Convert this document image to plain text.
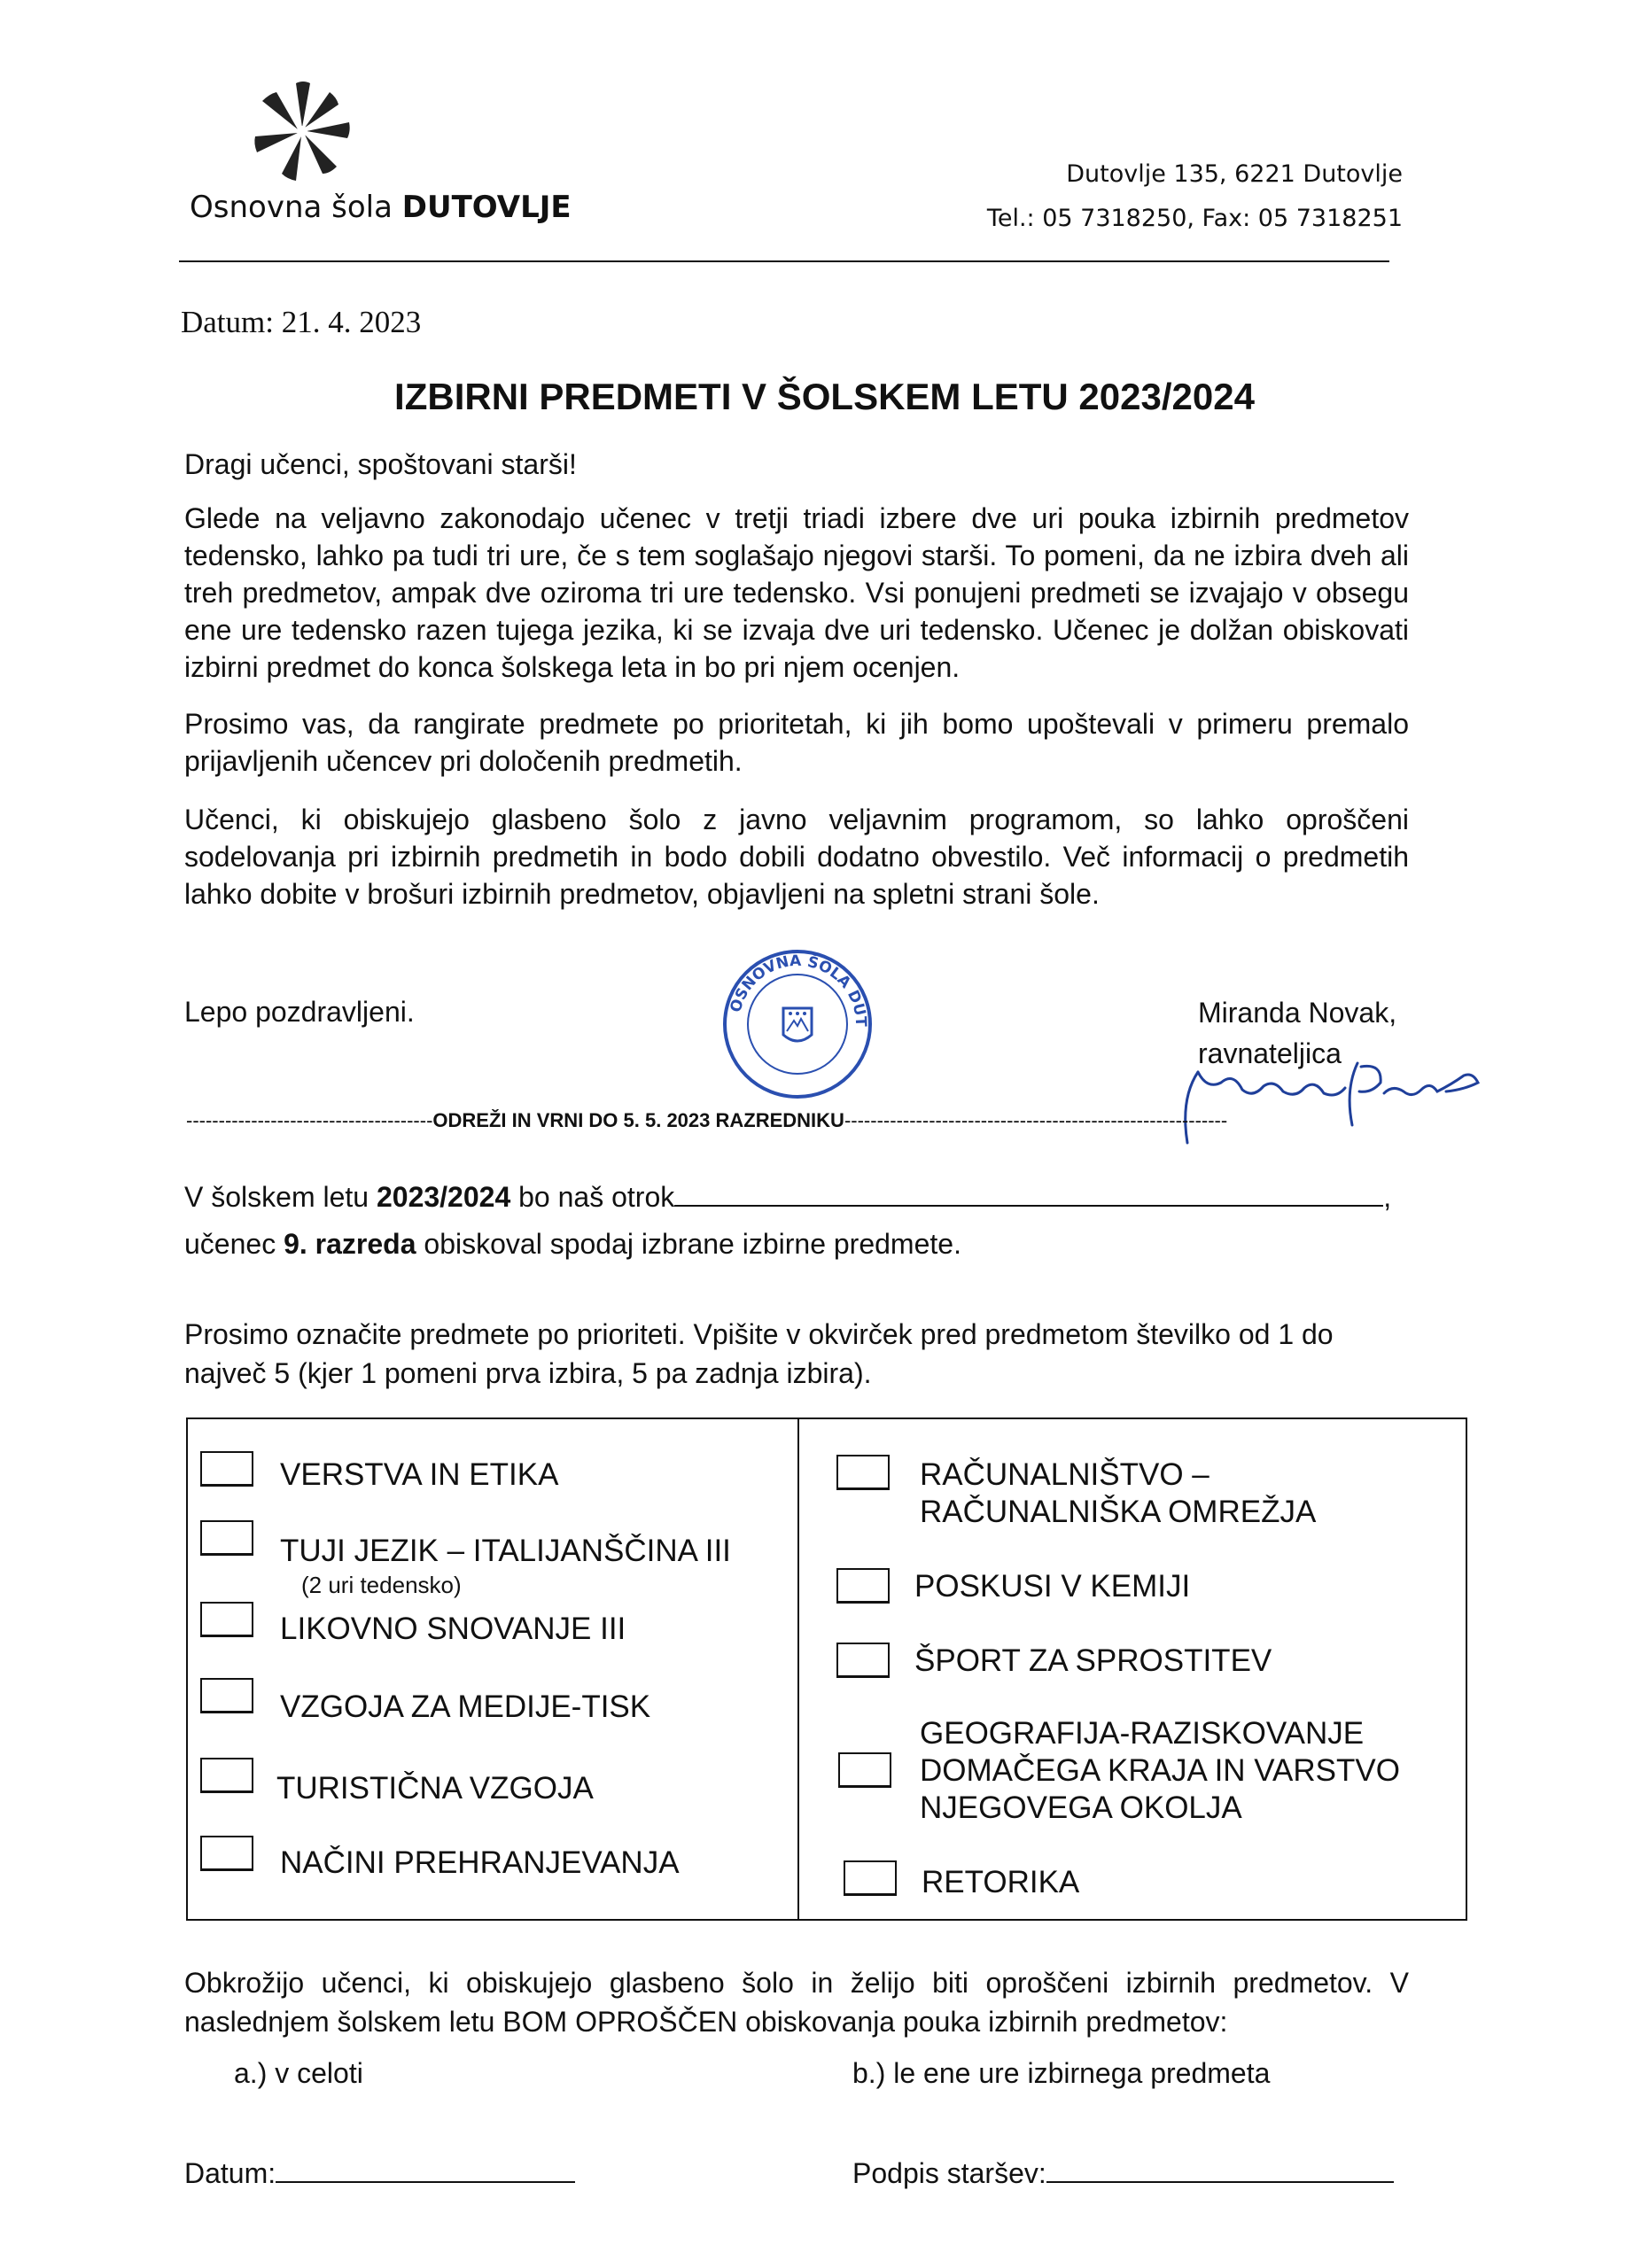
Osnovna šola DUTOVLJE
Dutovlje 135, 6221 Dutovlje
Tel.: 05 7318250, Fax: 05 7318251
Datum: 21. 4. 2023
IZBIRNI PREDMETI V ŠOLSKEM LETU 2023/2024
Dragi učenci, spoštovani starši!
Glede na veljavno zakonodajo učenec v tretji triadi izbere dve uri pouka izbirnih predmetov tedensko, lahko pa tudi tri ure, če s tem soglašajo njegovi starši. To pomeni, da ne izbira dveh ali treh predmetov, ampak dve oziroma tri ure tedensko. Vsi ponujeni predmeti se izvajajo v obsegu ene ure tedensko razen tujega jezika, ki se izvaja dve uri tedensko. Učenec je dolžan obiskovati izbirni predmet do konca šolskega leta in bo pri njem ocenjen.
Prosimo vas, da rangirate predmete po prioritetah, ki jih bomo upoštevali v primeru premalo prijavljenih učencev pri določenih predmetih.
Učenci, ki obiskujejo glasbeno šolo z javno veljavnim programom, so lahko oproščeni sodelovanja pri izbirnih predmetih in bodo dobili dodatno obvestilo. Več informacij o predmetih lahko dobite v brošuri izbirnih predmetov, objavljeni na spletni strani šole.
Lepo pozdravljeni.	OSNOVNA ŠOLA DUT	Miranda Novak,
ravnateljica
--------------------------------------ODREŽI IN VRNI DO 5. 5. 2023 RAZREDNIKU-----------------------------------------------------------
V šolskem letu 2023/2024 bo naš otrok	,
učenec 9. razreda obiskoval spodaj izbrane izbirne predmete.
Prosimo označite predmete po prioriteti. Vpišite v okvirček pred predmetom številko od 1 do največ 5 (kjer 1 pomeni prva izbira, 5 pa zadnja izbira).
VERSTVA IN ETIKA
TUJI JEZIK – ITALIJANŠČINA III
(2 uri tedensko)
LIKOVNO SNOVANJE III
VZGOJA ZA MEDIJE-TISK
TURISTIČNA VZGOJA
NAČINI PREHRANJEVANJA
RAČUNALNIŠTVO –
RAČUNALNIŠKA OMREŽJA
POSKUSI V KEMIJI
ŠPORT ZA SPROSTITEV
GEOGRAFIJA-RAZISKOVANJE
DOMAČEGA KRAJA IN VARSTVO
NJEGOVEGA OKOLJA
RETORIKA
Obkrožijo učenci, ki obiskujejo glasbeno šolo in želijo biti oproščeni izbirnih predmetov. V naslednjem šolskem letu BOM OPROŠČEN obiskovanja pouka izbirnih predmetov:
a.) v celoti	b.) le ene ure izbirnega predmeta
Datum:	Podpis staršev:
